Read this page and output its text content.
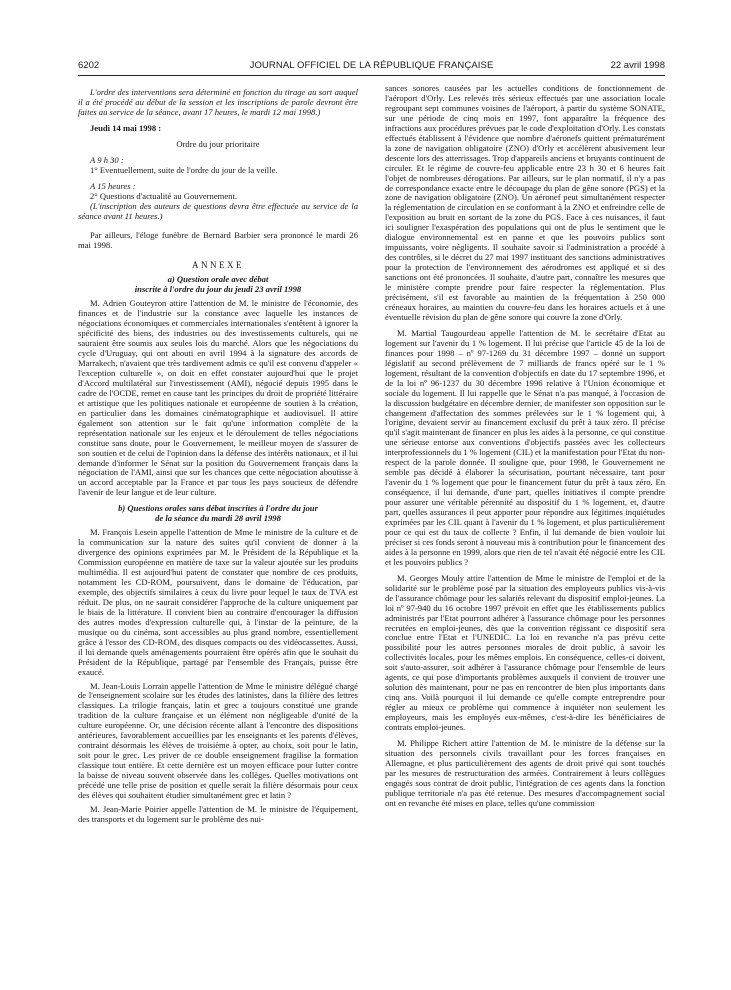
6202	JOURNAL OFFICIEL DE LA RÉPUBLIQUE FRANÇAISE	22 avril 1998

L'ordre des interventions sera déterminé en fonction du tirage au sort auquel il a été procédé au début de la session et les inscriptions de parole devront être faites au service de la séance, avant 17 heures, le mardi 12 mai 1998.)

Jeudi 14 mai 1998 :

Ordre du jour prioritaire

A 9 h 30 :

1° Eventuellement, suite de l'ordre du jour de la veille.

A 15 heures :

2° Questions d'actualité au Gouvernement.

(L'inscription des auteurs de questions devra être effectuée au service de la séance avant 11 heures.)

Par ailleurs, l'éloge funèbre de Bernard Barbier sera prononcé le mardi 26 mai 1998.

ANNEXE

a) Question orale avec débat

inscrite à l'ordre du jour du jeudi 23 avril 1998

M. Adrien Gouteyron attire l'attention de M. le ministre de l'économie, des finances et de l'industrie sur la constance avec laquelle les instances de négociations économiques et commerciales internationales s'entêtent à ignorer la spécificité des biens, des industries ou des investissements culturels, qui ne sauraient être soumis aux seules lois du marché. Alors que les négociations du cycle d'Uruguay, qui ont abouti en avril 1994 à la signature des accords de Marrakech, n'avaient que très tardivement admis ce qu'il est convenu d'appeler « l'exception culturelle », on doit en effet constater aujourd'hui que le projet d'Accord multilatéral sur l'investissement (AMI), négocié depuis 1995 dans le cadre de l'OCDE, remet en cause tant les principes du droit de propriété littéraire et artistique que les politiques nationale et européenne de soutien à la création, en particulier dans les domaines cinématographique et audiovisuel. Il attire également son attention sur le fait qu'une information complète de la représentation nationale sur les enjeux et le déroulement de telles négociations constitue sans doute, pour le Gouvernement, le meilleur moyen de s'assurer de son soutien et de celui de l'opinion dans la défense des intérêts nationaux, et il lui demande d'informer le Sénat sur la position du Gouvernement français dans la négociation de l'AMI, ainsi que sur les chances que cette négociation aboutisse à un accord acceptable par la France et par tous les pays soucieux de défendre l'avenir de leur langue et de leur culture.

b) Questions orales sans débat inscrites à l'ordre du jour

de la séance du mardi 28 avril 1998

M. François Lesein appelle l'attention de Mme le ministre de la culture et de la communication sur la nature des suites qu'il convient de donner à la divergence des opinions exprimées par M. le Président de la République et la Commission européenne en matière de taxe sur la valeur ajoutée sur les produits multimédia. Il est aujourd'hui patent de constater que nombre de ces produits, notamment les CD-ROM, poursuivent, dans le domaine de l'éducation, par exemple, des objectifs similaires à ceux du livre pour lequel le taux de TVA est réduit. De plus, on ne saurait considérer l'approche de la culture uniquement par le biais de la littérature. Il convient bien au contraire d'encourager la diffusion des autres modes d'expression culturelle qui, à l'instar de la peinture, de la musique ou du cinéma, sont accessibles au plus grand nombre, essentiellement grâce à l'essor des CD-ROM, des disques compacts ou des vidéocassettes. Aussi, il lui demande quels aménagements pourraient être opérés afin que le souhait du Président de la République, partagé par l'ensemble des Français, puisse être exaucé.

M. Jean-Louis Lorrain appelle l'attention de Mme le ministre délégué chargé de l'enseignement scolaire sur les études des latinistes, dans la filière des lettres classiques. La trilogie français, latin et grec a toujours constitué une grande tradition de la culture française et un élément non négligeable d'unité de la culture européenne. Or, une décision récente allant à l'encontre des dispositions antérieures, favorablement accueillies par les enseignants et les parents d'élèves, contraint désormais les élèves de troisième à opter, au choix, soit pour le latin, soit pour le grec. Les priver de ce double enseignement fragilise la formation classique tout entière. Et cette dernière est un moyen efficace pour lutter contre la baisse de niveau souvent observée dans les collèges. Quelles motivations ont précédé une telle prise de position et quelle serait la filière désormais pour ceux des élèves qui souhaitent étudier simultanément grec et latin ?

M. Jean-Marie Poirier appelle l'attention de M. le ministre de l'équipement, des transports et du logement sur le problème des nui-

sances sonores causées par les actuelles conditions de fonctionnement de l'aéroport d'Orly. Les relevés très sérieux effectués par une association locale regroupant sept communes voisines de l'aéroport, à partir du système SONATE, sur une période de cinq mois en 1997, font apparaître la fréquence des infractions aux procédures prévues par le code d'exploitation d'Orly. Les constats effectués établissent à l'évidence que nombre d'aéronefs quittent prématurément la zone de navigation obligatoire (ZNO) d'Orly et accélèrent abusivement leur descente lors des atterrissages. Trop d'appareils anciens et bruyants continuent de circuler. Et le régime de couvre-feu applicable entre 23 h 30 et 6 heures fait l'objet de nombreuses dérogations. Par ailleurs, sur le plan normatif, il n'y a pas de correspondance exacte entre le découpage du plan de gêne sonore (PGS) et la zone de navigation obligatoire (ZNO). Un aéronef peut simultanément respecter la réglementation de circulation en se conformant à la ZNO et enfreindre celle de l'exposition au bruit en sortant de la zone du PGS. Face à ces nuisances, il faut ici souligner l'exaspération des populations qui ont de plus le sentiment que le dialogue environnemental est en panne et que les pouvoirs publics sont impuissants, voire négligents. Il souhaite savoir si l'administration a procédé à des contrôles, si le décret du 27 mai 1997 instituant des sanctions administratives pour la protection de l'environnement des aérodromes est appliqué et si des sanctions ont été prononcées. Il souhaite, d'autre part, connaître les mesures que le ministère compte prendre pour faire respecter la réglementation. Plus précisément, s'il est favorable au maintien de la fréquentation à 250 000 créneaux horaires, au maintien du couvre-feu dans les horaires actuels et à une éventuelle révision du plan de gêne sonore qui couvre la zone d'Orly.

M. Martial Taugourdeau appelle l'attention de M. le secrétaire d'Etat au logement sur l'avenir du 1 % logement. Il lui précise que l'article 45 de la loi de finances pour 1998 – nº 97-1269 du 31 décembre 1997 – donné un support législatif au second prélèvement de 7 milliards de francs opéré sur le 1 % logement, résultant de la convention d'objectifs en date du 17 septembre 1996, et de la loi nº 96-1237 du 30 décembre 1996 relative à l'Union économique et sociale du logement. Il lui rappelle que le Sénat n'a pas manqué, à l'occasion de la discussion budgétaire en décembre dernier, de manifester son opposition sur le changement d'affectation des sommes prélevées sur le 1 % logement qui, à l'origine, devaient servir au financement exclusif du prêt à taux zéro. Il précise qu'il s'agit maintenant de financer en plus les aides à la personne, ce qui constitue une sérieuse entorse aux conventions d'objectifs passées avec les collecteurs interprofessionnels du 1 % logement (CIL) et la manifestation pour l'Etat du non-respect de la parole donnée. Il souligne que, pour 1998, le Gouvernement ne semble pas décidé à élaborer la sécurisation, pourtant nécessaire, tant pour l'avenir du 1 % logement que pour le financement futur du prêt à taux zéro. En conséquence, il lui demande, d'une part, quelles initiatives il compte prendre pour assurer une véritable pérennité au dispositif du 1 % logement, et, d'autre part, quelles assurances il peut apporter pour répondre aux légitimes inquiétudes exprimées par les CIL quant à l'avenir du 1 % logement, et plus particulièrement pour ce qui est du taux de collecte ? Enfin, il lui demande de bien vouloir lui préciser si ces fonds seront à nouveau mis à contribution pour le financement des aides à la personne en 1999, alors que rien de tel n'avait été négocié entre les CIL et les pouvoirs publics ?

M. Georges Mouly attire l'attention de Mme le ministre de l'emploi et de la solidarité sur le problème posé par la situation des employeurs publics vis-à-vis de l'assurance chômage pour les salariés relevant du dispositif emploi-jeunes. La loi nº 97-940 du 16 octobre 1997 prévoit en effet que les établissements publics administrés par l'Etat pourront adhérer à l'assurance chômage pour les personnes recrutées en emploi-jeunes, dès que la convention régissant ce dispositif sera conclue entre l'Etat et l'UNEDIC. La loi en revanche n'a pas prévu cette possibilité pour les autres personnes morales de droit public, à savoir les collectivités locales, pour les mêmes emplois. En conséquence, celles-ci doivent, soit s'auto-assurer, soit adhérer à l'assurance chômage pour l'ensemble de leurs agents, ce qui pose d'importants problèmes auxquels il convient de trouver une solution dès maintenant, pour ne pas en rencontrer de bien plus importants dans cinq ans. Voilà pourquoi il lui demande ce qu'elle compte entreprendre pour régler au mieux ce problème qui commence à inquiéter non seulement les employeurs, mais les employés eux-mêmes, c'est-à-dire les bénéficiaires de contrats emploi-jeunes.

M. Philippe Richert attire l'attention de M. le ministre de la défense sur la situation des personnels civils travaillant pour les forces françaises en Allemagne, et plus particulièrement des agents de droit privé qui sont touchés par les mesures de restructuration des armées. Contrairement à leurs collègues engagés sous contrat de droit public, l'intégration de ces agents dans la fonction publique territoriale n'a pas été retenue. Des mesures d'accompagnement social ont en revanche été mises en place, telles qu'une commission
